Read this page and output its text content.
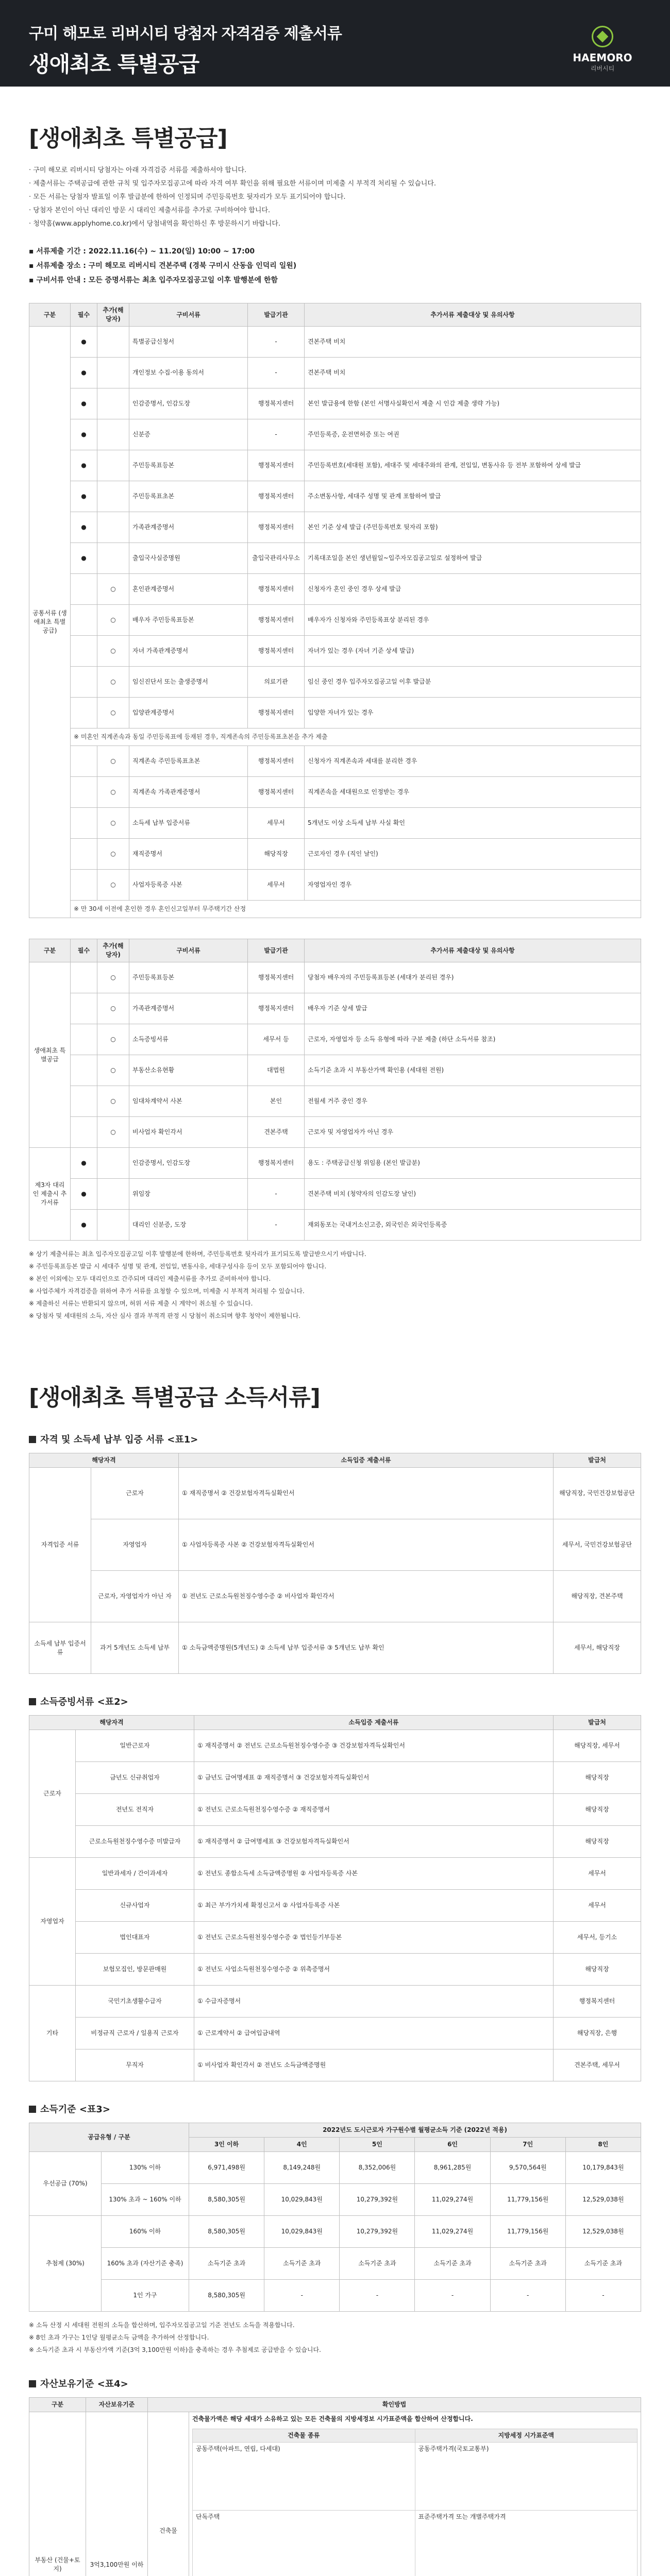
구미 해모로 리버시티 당첨자 자격검증 제출서류
생애최초 특별공급	HAEMORO
리버시티
[생애최초 특별공급]

· 구미 해모로 리버시티 당첨자는 아래 자격검증 서류를 제출하셔야 합니다.

· 제출서류는 주택공급에 관한 규칙 및 입주자모집공고에 따라 자격 여부 확인을 위해 필요한 서류이며 미제출 시 부적격 처리될 수 있습니다.

· 모든 서류는 당첨자 발표일 이후 발급분에 한하여 인정되며 주민등록번호 뒷자리가 모두 표기되어야 합니다.

· 당첨자 본인이 아닌 대리인 방문 시 대리인 제출서류를 추가로 구비하여야 합니다.

· 청약홈(www.applyhome.co.kr)에서 당첨내역을 확인하신 후 방문하시기 바랍니다.

▪ 서류제출 기간 : 2022.11.16(수) ~ 11.20(일) 10:00 ~ 17:00

▪ 서류제출 장소 : 구미 해모로 리버시티 견본주택 (경북 구미시 산동읍 인덕리 일원)

▪ 구비서류 안내 : 모든 증명서류는 최초 입주자모집공고일 이후 발행분에 한함

구분	필수	추가(해당자)	구비서류	발급기관	추가서류 제출대상 및 유의사항
공통서류 (생애최초 특별공급)	●		특별공급신청서	-	견본주택 비치
	●		개인정보 수집·이용 동의서	-	견본주택 비치
	●		인감증명서, 인감도장	행정복지센터	본인 발급용에 한함 (본인 서명사실확인서 제출 시 인감 제출 생략 가능)
	●		신분증	-	주민등록증, 운전면허증 또는 여권
	●		주민등록표등본	행정복지센터	주민등록번호(세대원 포함), 세대주 및 세대주와의 관계, 전입일, 변동사유 등 전부 포함하여 상세 발급
	●		주민등록표초본	행정복지센터	주소변동사항, 세대주 성명 및 관계 포함하여 발급
	●		가족관계증명서	행정복지센터	본인 기준 상세 발급 (주민등록번호 뒷자리 포함)
	●		출입국사실증명원	출입국관리사무소	기록대조일을 본인 생년월일~입주자모집공고일로 설정하여 발급
		○	혼인관계증명서	행정복지센터	신청자가 혼인 중인 경우 상세 발급
		○	배우자 주민등록표등본	행정복지센터	배우자가 신청자와 주민등록표상 분리된 경우
		○	자녀 가족관계증명서	행정복지센터	자녀가 있는 경우 (자녀 기준 상세 발급)
		○	임신진단서 또는 출생증명서	의료기관	임신 중인 경우 입주자모집공고일 이후 발급분
		○	입양관계증명서	행정복지센터	입양한 자녀가 있는 경우
	※ 미혼인 직계존속과 동일 주민등록표에 등재된 경우, 직계존속의 주민등록표초본을 추가 제출				
		○	직계존속 주민등록표초본	행정복지센터	신청자가 직계존속과 세대를 분리한 경우
		○	직계존속 가족관계증명서	행정복지센터	직계존속을 세대원으로 인정받는 경우
		○	소득세 납부 입증서류	세무서	5개년도 이상 소득세 납부 사실 확인
		○	재직증명서	해당직장	근로자인 경우 (직인 날인)
		○	사업자등록증 사본	세무서	자영업자인 경우
	※ 만 30세 이전에 혼인한 경우 혼인신고일부터 무주택기간 산정				
구분	필수	추가(해당자)	구비서류	발급기관	추가서류 제출대상 및 유의사항
생애최초 특별공급		○	주민등록표등본	행정복지센터	당첨자 배우자의 주민등록표등본 (세대가 분리된 경우)
		○	가족관계증명서	행정복지센터	배우자 기준 상세 발급
		○	소득증빙서류	세무서 등	근로자, 자영업자 등 소득 유형에 따라 구분 제출 (하단 소득서류 참조)
		○	부동산소유현황	대법원	소득기준 초과 시 부동산가액 확인용 (세대원 전원)
		○	임대차계약서 사본	본인	전월세 거주 중인 경우
		○	비사업자 확인각서	견본주택	근로자 및 자영업자가 아닌 경우
제3자 대리인 제출시 추가서류	●		인감증명서, 인감도장	행정복지센터	용도 : 주택공급신청 위임용 (본인 발급분)
	●		위임장	-	견본주택 비치 (청약자의 인감도장 날인)
	●		대리인 신분증, 도장	-	재외동포는 국내거소신고증, 외국인은 외국인등록증

※ 상기 제출서류는 최초 입주자모집공고일 이후 발행분에 한하며, 주민등록번호 뒷자리가 표기되도록 발급받으시기 바랍니다.

※ 주민등록표등본 발급 시 세대주 성명 및 관계, 전입일, 변동사유, 세대구성사유 등이 모두 포함되어야 합니다.

※ 본인 이외에는 모두 대리인으로 간주되며 대리인 제출서류를 추가로 준비하셔야 합니다.

※ 사업주체가 자격검증을 위하여 추가 서류를 요청할 수 있으며, 미제출 시 부적격 처리될 수 있습니다.

※ 제출하신 서류는 반환되지 않으며, 허위 서류 제출 시 계약이 취소될 수 있습니다.

※ 당첨자 및 세대원의 소득, 자산 심사 결과 부적격 판정 시 당첨이 취소되며 향후 청약이 제한됩니다.

[생애최초 특별공급 소득서류]
자격 및 소득세 납부 입증 서류 <표1>
해당자격		소득입증 제출서류	발급처
자격입증 서류	근로자	① 재직증명서 ② 건강보험자격득실확인서	해당직장, 국민건강보험공단
	자영업자	① 사업자등록증 사본 ② 건강보험자격득실확인서	세무서, 국민건강보험공단
	근로자, 자영업자가 아닌 자	① 전년도 근로소득원천징수영수증 ② 비사업자 확인각서	해당직장, 견본주택
소득세 납부 입증서류	과거 5개년도 소득세 납부	① 소득금액증명원(5개년도) ② 소득세 납부 입증서류 ③ 5개년도 납부 확인	세무서, 해당직장
소득증빙서류 <표2>
해당자격		소득입증 제출서류	발급처
근로자	일반근로자	① 재직증명서 ② 전년도 근로소득원천징수영수증 ③ 건강보험자격득실확인서	해당직장, 세무서
	금년도 신규취업자	① 금년도 급여명세표 ② 재직증명서 ③ 건강보험자격득실확인서	해당직장
	전년도 전직자	① 전년도 근로소득원천징수영수증 ② 재직증명서	해당직장
	근로소득원천징수영수증 미발급자	① 재직증명서 ② 급여명세표 ③ 건강보험자격득실확인서	해당직장
자영업자	일반과세자 / 간이과세자	① 전년도 종합소득세 소득금액증명원 ② 사업자등록증 사본	세무서
	신규사업자	① 최근 부가가치세 확정신고서 ② 사업자등록증 사본	세무서
	법인대표자	① 전년도 근로소득원천징수영수증 ② 법인등기부등본	세무서, 등기소
	보험모집인, 방문판매원	① 전년도 사업소득원천징수영수증 ② 위촉증명서	해당직장
기타	국민기초생활수급자	① 수급자증명서	행정복지센터
	비정규직 근로자 / 일용직 근로자	① 근로계약서 ② 급여입금내역	해당직장, 은행
	무직자	① 비사업자 확인각서 ② 전년도 소득금액증명원	견본주택, 세무서
소득기준 <표3>
공급유형 / 구분		2022년도 도시근로자 가구원수별 월평균소득 기준 (2022년 적용)					
		3인 이하	4인	5인	6인	7인	8인
우선공급 (70%)	130% 이하	6,971,498원	8,149,248원	8,352,006원	8,961,285원	9,570,564원	10,179,843원
	130% 초과 ~ 160% 이하	8,580,305원	10,029,843원	10,279,392원	11,029,274원	11,779,156원	12,529,038원
추첨제 (30%)	160% 이하	8,580,305원	10,029,843원	10,279,392원	11,029,274원	11,779,156원	12,529,038원
	160% 초과 (자산기준 충족)	소득기준 초과	소득기준 초과	소득기준 초과	소득기준 초과	소득기준 초과	소득기준 초과
	1인 가구	8,580,305원	-	-	-	-	-

※ 소득 산정 시 세대원 전원의 소득을 합산하며, 입주자모집공고일 기준 전년도 소득을 적용합니다.

※ 8인 초과 가구는 1인당 월평균소득 금액을 추가하여 산정합니다.

※ 소득기준 초과 시 부동산가액 기준(3억 3,100만원 이하)을 충족하는 경우 추첨제로 공급받을 수 있습니다.

자산보유기준 <표4>
구분	자산보유기준	확인방법
부동산 (건물+토지)	3억3,100만원 이하	건축물	
건축물가액은 해당 세대가 소유하고 있는 모든 건축물의 지방세정보 시가표준액을 합산하여 산정합니다.
건축물 종류	지방세정 시가표준액
공동주택(아파트, 연립, 다세대)	공동주택가격(국토교통부)
단독주택	표준주택가격 또는 개별주택가격
